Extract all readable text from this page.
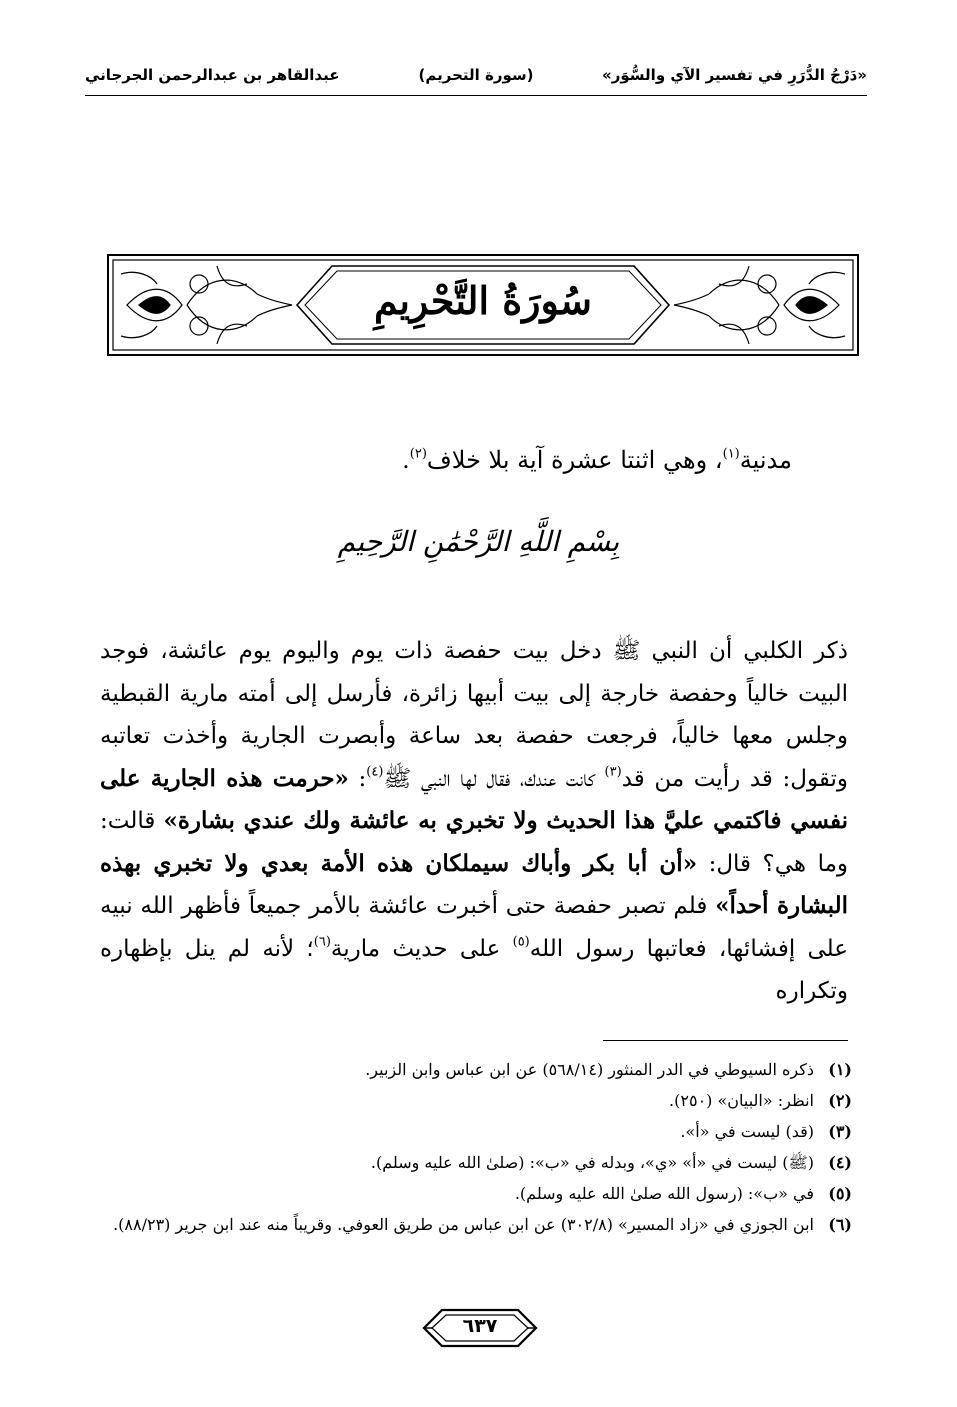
«دَرْجُ الدُّرَرِ في تفسير الآي والسُّوَر»
(سورة التحريم)
عبدالقاهر بن عبدالرحمن الجرجاني
سُورَةُ التَّحْرِيمِ
مدنية$^{(١)}$، وهي اثنتا عشرة آية بلا خلاف$^{(٢)}$.
بِسْمِ اللَّهِ الرَّحْمَٰنِ الرَّحِيمِ
ذكر الكلبي أن النبي ﷺ دخل بيت حفصة ذات يوم واليوم يوم عائشة، فوجد البيت خالياً وحفصة خارجة إلى بيت أبيها زائرة، فأرسل إلى أمته مارية القبطية وجلس معها خالياً، فرجعت حفصة بعد ساعة وأبصرت الجارية وأخذت تعاتبه وتقول: قد رأيت من قد$^{(٣)}$ كانت عندك، فقال لها النبي ﷺ$^{(٤)}$: «حرمت هذه الجارية على نفسي فاكتمي عليَّ هذا الحديث ولا تخبري به عائشة ولك عندي بشارة» قالت: وما هي؟ قال: «أن أبا بكر وأباك سيملكان هذه الأمة بعدي ولا تخبري بهذه البشارة أحداً» فلم تصبر حفصة حتى أخبرت عائشة بالأمر جميعاً فأظهر الله نبيه على إفشائها، فعاتبها رسول الله$^{(٥)}$ على حديث مارية$^{(٦)}$؛ لأنه لم ينل بإظهاره وتكراره
(١)
ذكره السيوطي في الدر المنثور (٥٦٨/١٤) عن ابن عباس وابن الزبير.
(٢)
انظر: «البيان» (٢٥٠).
(٣)
(قد) ليست في «أ».
(٤)
(ﷺ) ليست في «أ» «ي»، وبدله في «ب»: (صلىٰ الله عليه وسلم).
(٥)
في «ب»: (رسول الله صلىٰ الله عليه وسلم).
(٦)
ابن الجوزي في «زاد المسير» (٣٠٢/٨) عن ابن عباس من طريق العوفي. وقريباً منه عند ابن جرير (٨٨/٢٣).
٦٣٧
